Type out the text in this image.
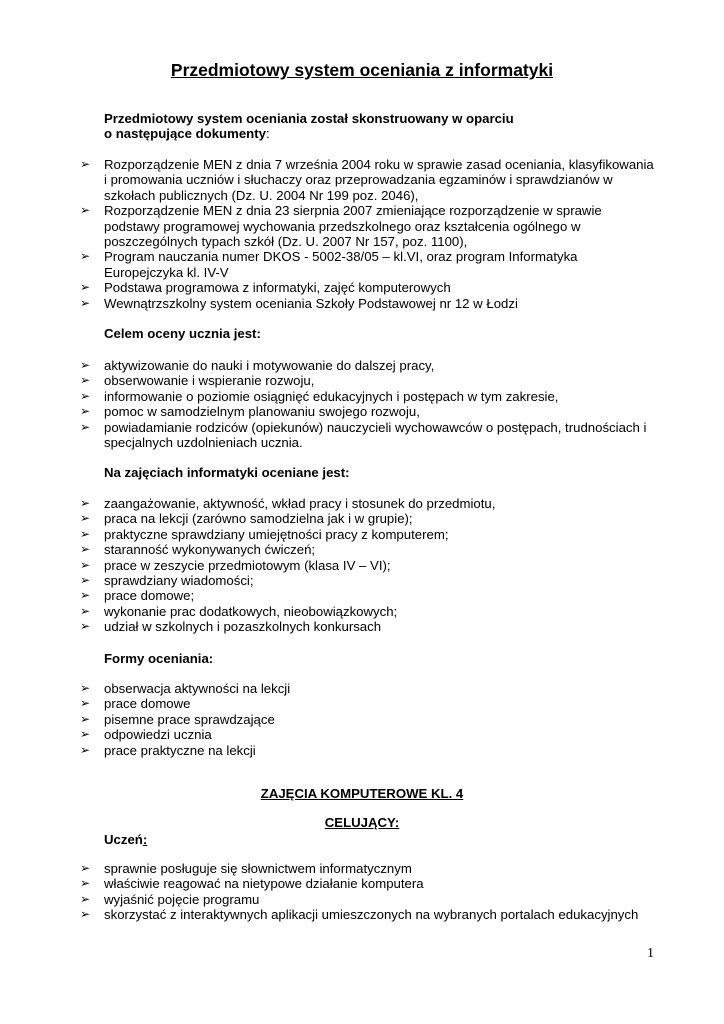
Przedmiotowy system oceniania z informatyki
Przedmiotowy system oceniania został skonstruowany w oparciu
o następujące dokumenty:
➢ Rozporządzenie MEN z dnia 7 września 2004 roku w sprawie zasad oceniania, klasyfikowania i promowania uczniów i słuchaczy oraz przeprowadzania egzaminów i sprawdzianów w szkołach publicznych (Dz. U. 2004 Nr 199 poz. 2046),
➢ Rozporządzenie MEN z dnia 23 sierpnia 2007 zmieniające rozporządzenie w sprawie podstawy programowej wychowania przedszkolnego oraz kształcenia ogólnego w poszczególnych typach szkół (Dz. U. 2007 Nr 157, poz. 1100),
➢ Program nauczania numer DKOS - 5002-38/05 – kl.VI, oraz program Informatyka Europejczyka kl. IV-V
➢ Podstawa programowa z informatyki, zajęć komputerowych
➢ Wewnątrzszkolny system oceniania Szkoły Podstawowej nr 12 w Łodzi
Celem oceny ucznia jest:
➢ aktywizowanie do nauki i motywowanie do dalszej pracy,
➢ obserwowanie i wspieranie rozwoju,
➢ informowanie o poziomie osiągnięć edukacyjnych i postępach w tym zakresie,
➢ pomoc w samodzielnym planowaniu swojego rozwoju,
➢ powiadamianie rodziców (opiekunów) nauczycieli wychowawców o postępach, trudnościach i specjalnych uzdolnieniach ucznia.
Na zajęciach informatyki oceniane jest:
➢ zaangażowanie, aktywność, wkład pracy i stosunek do przedmiotu,
➢ praca na lekcji (zarówno samodzielna jak i w grupie);
➢ praktyczne sprawdziany umiejętności pracy z komputerem;
➢ staranność wykonywanych ćwiczeń;
➢ prace w zeszycie przedmiotowym (klasa IV – VI);
➢ sprawdziany wiadomości;
➢ prace domowe;
➢ wykonanie prac dodatkowych, nieobowiązkowych;
➢ udział w szkolnych i pozaszkolnych konkursach
Formy oceniania:
➢ obserwacja aktywności na lekcji
➢ prace domowe
➢ pisemne prace sprawdzające
➢ odpowiedzi ucznia
➢ prace praktyczne na lekcji
ZAJĘCIA KOMPUTEROWE KL. 4
CELUJĄCY:
Uczeń:
➢ sprawnie posługuje się słownictwem informatycznym
➢ właściwie reagować na nietypowe działanie komputera
➢ wyjaśnić pojęcie programu
➢ skorzystać z interaktywnych aplikacji umieszczonych na wybranych portalach edukacyjnych
1
